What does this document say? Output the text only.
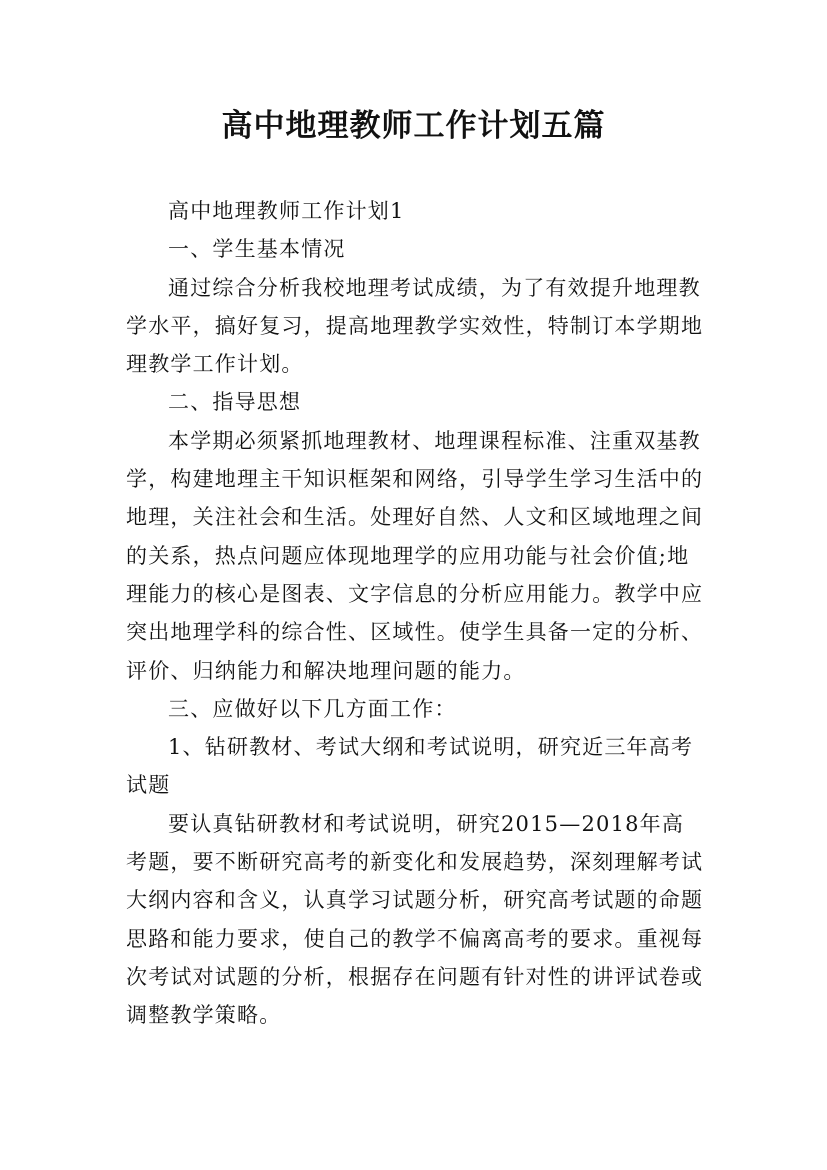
高中地理教师工作计划五篇

高中地理教师工作计划1

一、学生基本情况

通过综合分析我校地理考试成绩，为了有效提升地理教学水平，搞好复习，提高地理教学实效性，特制订本学期地理教学工作计划。

二、指导思想

本学期必须紧抓地理教材、地理课程标准、注重双基教学，构建地理主干知识框架和网络，引导学生学习生活中的地理，关注社会和生活。处理好自然、人文和区域地理之间的关系，热点问题应体现地理学的应用功能与社会价值;地理能力的核心是图表、文字信息的分析应用能力。教学中应突出地理学科的综合性、区域性。使学生具备一定的分析、评价、归纳能力和解决地理问题的能力。

三、应做好以下几方面工作：

1、钻研教材、考试大纲和考试说明，研究近三年高考试题

要认真钻研教材和考试说明，研究2015—2018年高考题，要不断研究高考的新变化和发展趋势，深刻理解考试大纲内容和含义，认真学习试题分析，研究高考试题的命题思路和能力要求，使自己的教学不偏离高考的要求。重视每次考试对试题的分析，根据存在问题有针对性的讲评试卷或调整教学策略。
